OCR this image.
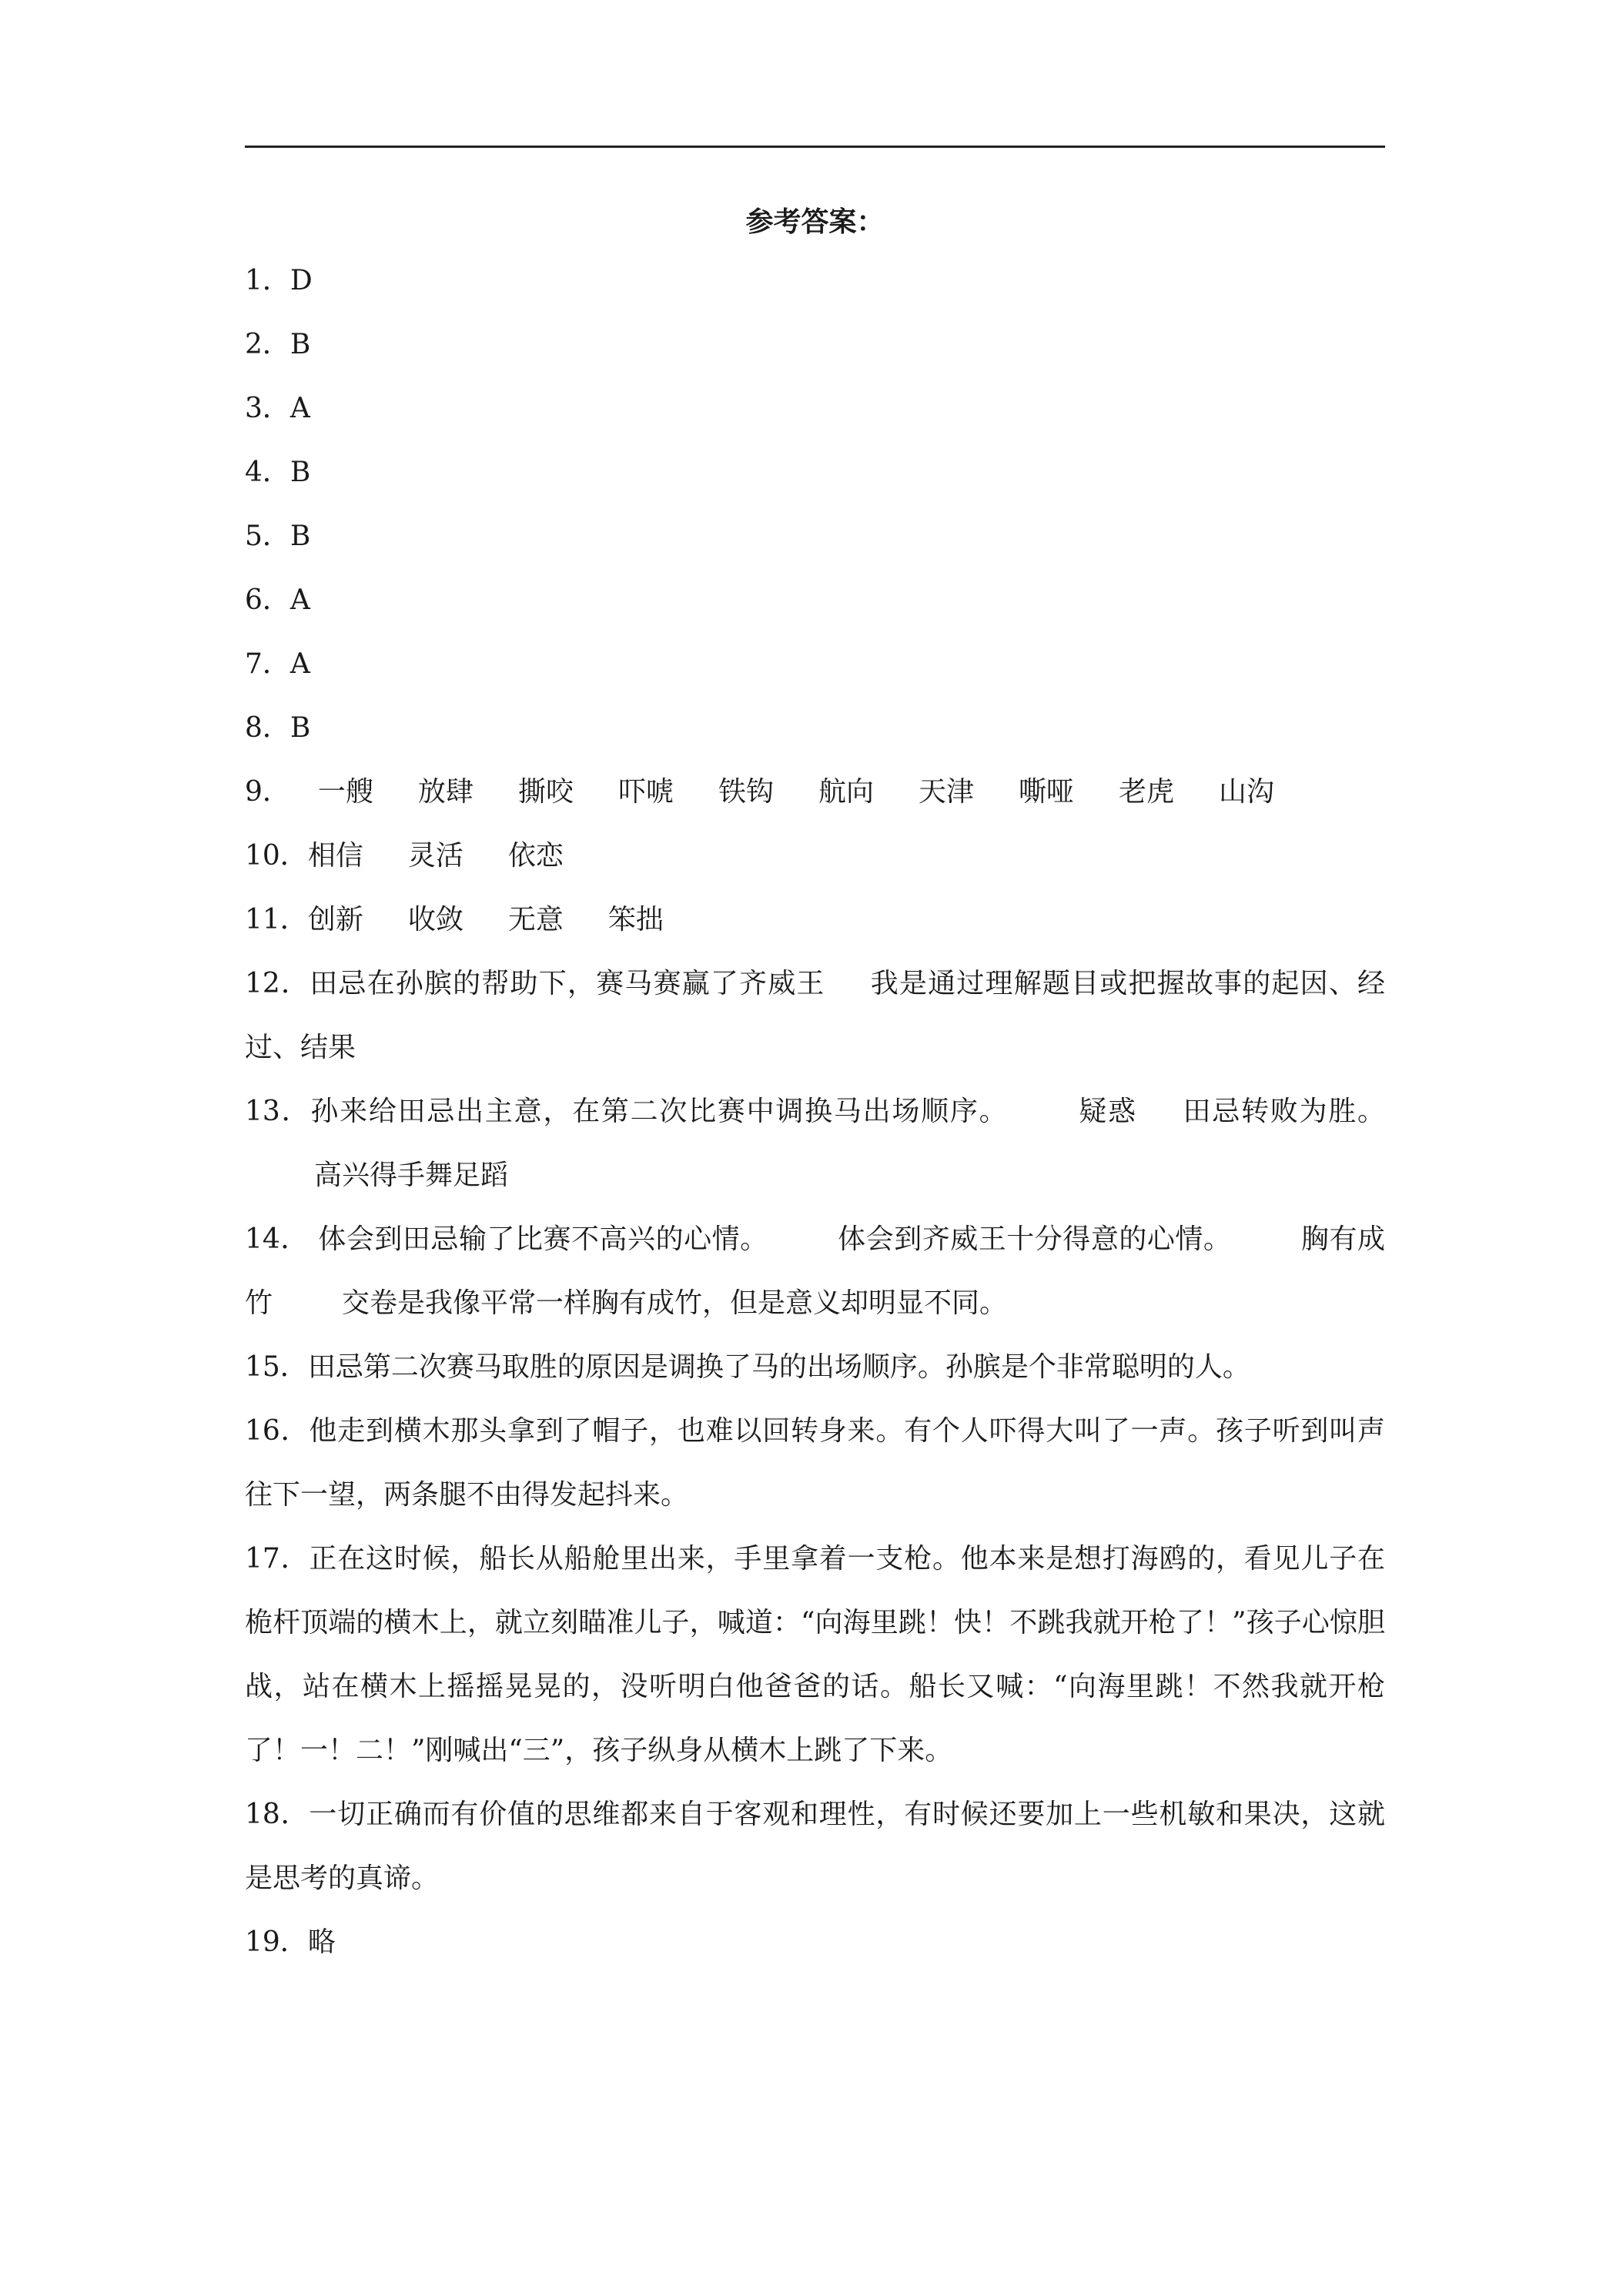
参考答案：
1．D
2．B
3．A
4．B
5．B
6．A
7．A
8．B
9． 一艘 放肆 撕咬 吓唬 铁钩 航向 天津 嘶哑 老虎 山沟
10．相信 灵活 依恋
11．创新 收敛 无意 笨拙
12．田忌在孙膑的帮助下，赛马赛赢了齐威王 我是通过理解题目或把握故事的起因、经过、结果
13．孙来给田忌出主意，在第二次比赛中调换马出场顺序。	疑惑 田忌转败为胜。高兴得手舞足蹈
14． 体会到田忌输了比赛不高兴的心情。	体会到齐威王十分得意的心情。	胸有成竹	交卷是我像平常一样胸有成竹，但是意义却明显不同。
15．田忌第二次赛马取胜的原因是调换了马的出场顺序。孙膑是个非常聪明的人。
16．他走到横木那头拿到了帽子，也难以回转身来。有个人吓得大叫了一声。孩子听到叫声往下一望，两条腿不由得发起抖来。
17．正在这时候，船长从船舱里出来，手里拿着一支枪。他本来是想打海鸥的，看见儿子在桅杆顶端的横木上，就立刻瞄准儿子，喊道：“向海里跳！快！不跳我就开枪了！”孩子心惊胆战，站在横木上摇摇晃晃的，没听明白他爸爸的话。船长又喊：“向海里跳！不然我就开枪了！一！二！”刚喊出“三”，孩子纵身从横木上跳了下来。
18．一切正确而有价值的思维都来自于客观和理性，有时候还要加上一些机敏和果决，这就是思考的真谛。
19．略
